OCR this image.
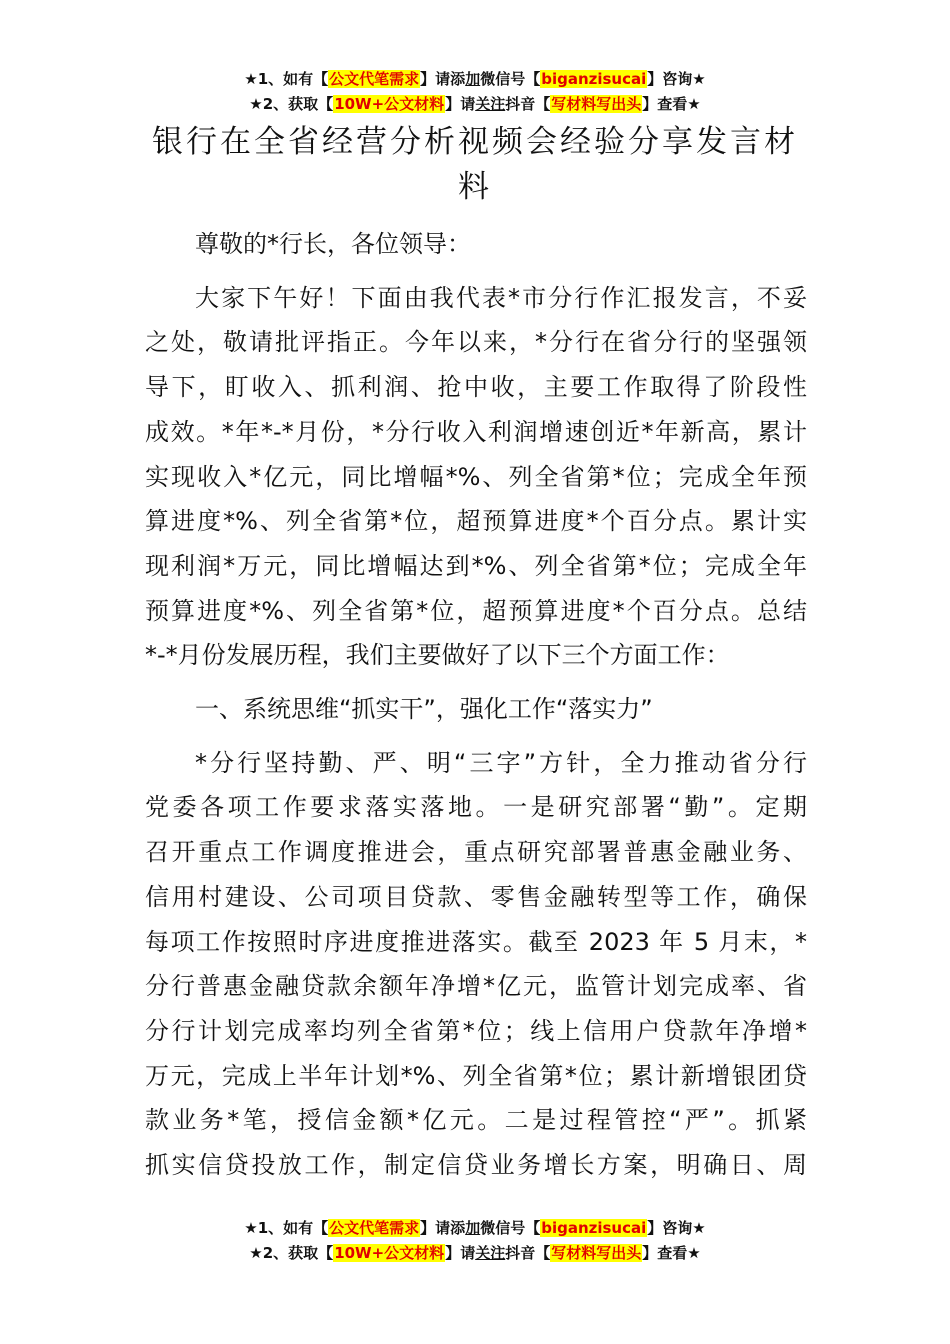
★1、如有【公文代笔需求】请添加微信号【biganzisucai】咨询★
★2、获取【10W+公文材料】请关注抖音【写材料写出头】查看★
银行在全省经营分析视频会经验分享发言材
料

尊敬的*行长，各位领导：

大家下午好！下面由我代表*市分行作汇报发言，不妥
之处，敬请批评指正。今年以来，*分行在省分行的坚强领
导下，盯收入、抓利润、抢中收，主要工作取得了阶段性
成效。*年*-*月份，*分行收入利润增速创近*年新高，累计
实现收入*亿元，同比增幅*%、列全省第*位；完成全年预
算进度*%、列全省第*位，超预算进度*个百分点。累计实
现利润*万元，同比增幅达到*%、列全省第*位；完成全年
预算进度*%、列全省第*位，超预算进度*个百分点。总结
*-*月份发展历程，我们主要做好了以下三个方面工作：

一、系统思维“抓实干”，强化工作“落实力”

*分行坚持勤、严、明“三字”方针，全力推动省分行
党委各项工作要求落实落地。一是研究部署“勤”。定期
召开重点工作调度推进会，重点研究部署普惠金融业务、
信用村建设、公司项目贷款、零售金融转型等工作，确保
每项工作按照时序进度推进落实。截至 2023 年 5 月末，*
分行普惠金融贷款余额年净增*亿元，监管计划完成率、省
分行计划完成率均列全省第*位；线上信用户贷款年净增*
万元，完成上半年计划*%、列全省第*位；累计新增银团贷
款业务*笔，授信金额*亿元。二是过程管控“严”。抓紧
抓实信贷投放工作，制定信贷业务增长方案，明确日、周
★1、如有【公文代笔需求】请添加微信号【biganzisucai】咨询★
★2、获取【10W+公文材料】请关注抖音【写材料写出头】查看★
